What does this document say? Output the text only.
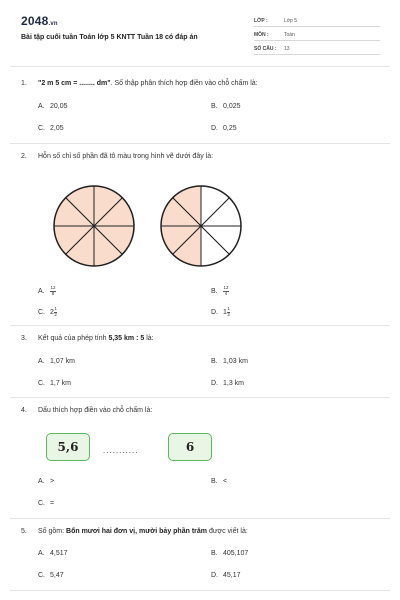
2048.vn
Bài tập cuối tuần Toán lớp 5 KNTT Tuần 18 có đáp án
LỚP :	Lớp 5
MÔN :	Toán
SỐ CÂU : 13
1. "2 m 5 cm = ........ dm". Số thập phân thích hợp điền vào chỗ chấm là:
A. 20,05	B. 0,025
C. 2,05	D. 0,25
2. Hỗn số chỉ số phần đã tô màu trong hình vẽ dưới đây là:
A. $\frac{12}{8}$	B. $\frac{12}{4}$
C. $2 \frac{1}{2}$	D. $1 \frac{1}{2}$
3. Kết quả của phép tính 5,35 km : 5 là:
A. 1,07 km	B. 1,03 km
C. 1,7 km	D. 1,3 km
4. Dấu thích hợp điền vào chỗ chấm là:
5,6	...........	6
A. >	B. <
C. =
5. Số gồm: Bốn mươi hai đơn vị, mười bảy phần trăm được viết là:
A. 4,517	B. 405,107
C. 5,47	D. 45,17
